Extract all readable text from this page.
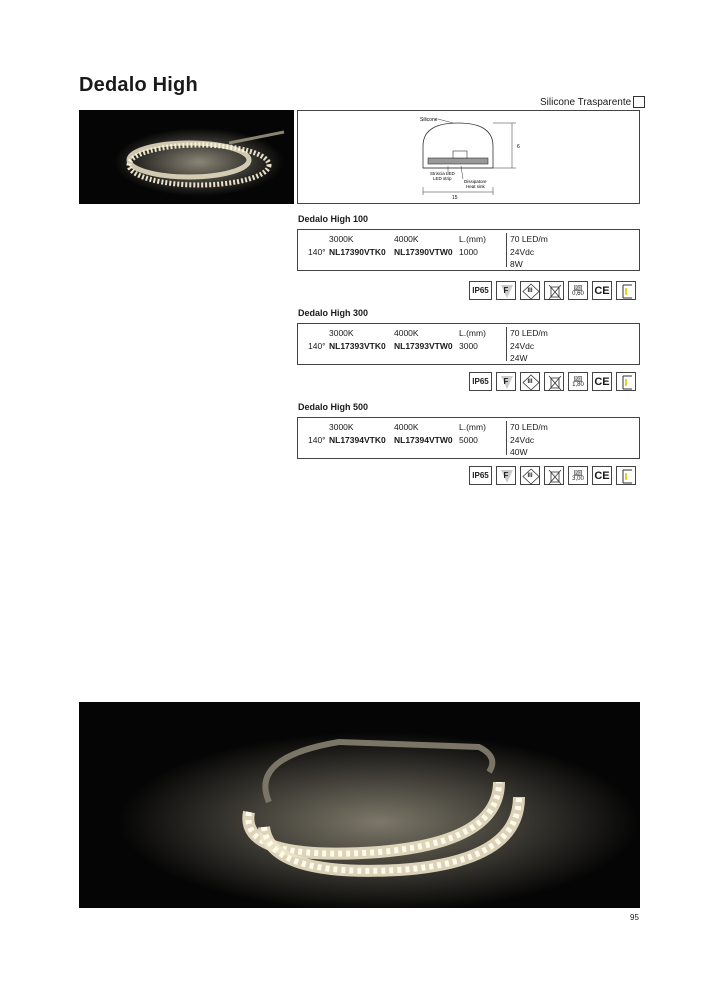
Dedalo High
Silicone Trasparente
Silicone
Striscia LED
LED strip
Dissipatore
Heat sink
15
6
Dedalo High 100
3000K	4000K	L.(mm)
140° NL17390VTK0 NL17390VTW0 1000
70 LED/m
24Vdc
8W
IP65	F	III	Kg
0,60 CE
Dedalo High 300
3000K	4000K	L.(mm)
140° NL17393VTK0 NL17393VTW0 3000
70 LED/m
24Vdc
24W
IP65	F	III	Kg
1,80 CE
Dedalo High 500
3000K	4000K	L.(mm)
140° NL17394VTK0 NL17394VTW0 5000
70 LED/m
24Vdc
40W
IP65	F	III	Kg
3,00 CE
95
